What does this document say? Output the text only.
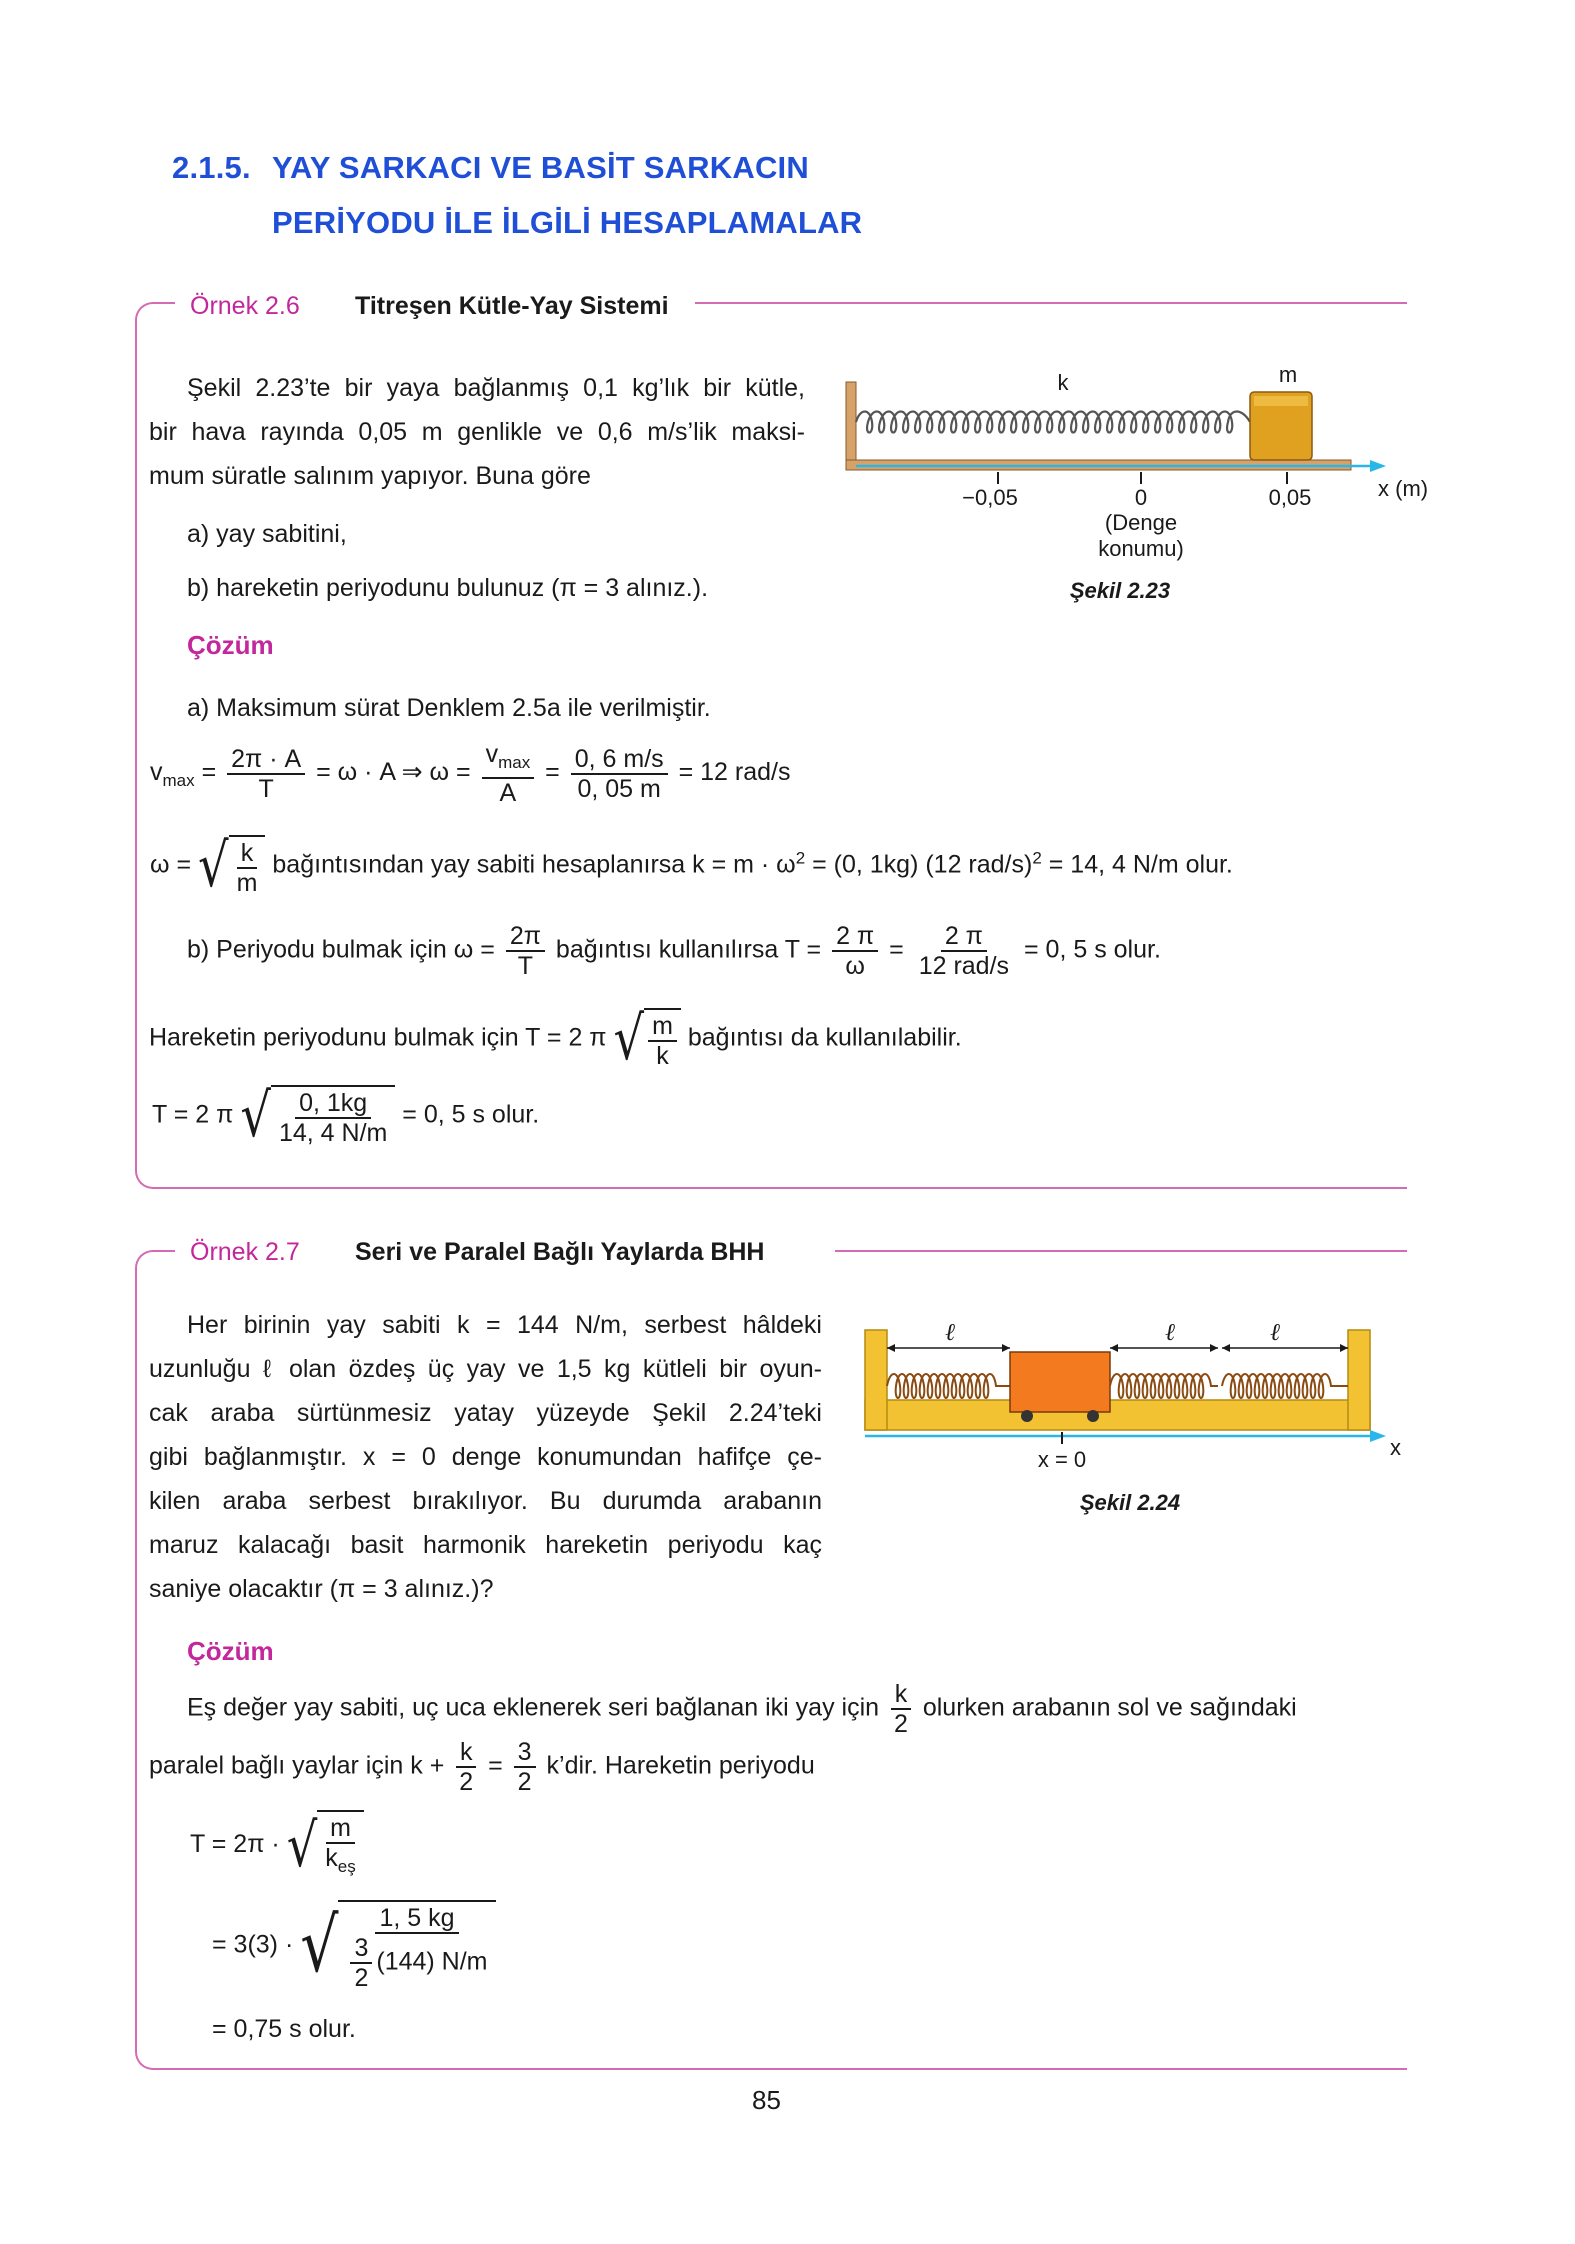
2.1.5. YAY SARKACI VE BASİT SARKACIN
PERİYODU İLE İLGİLİ HESAPLAMALAR
Örnek 2.6 Titreşen Kütle-Yay Sistemi
Şekil 2.23’te bir yaya bağlanmış 0,1 kg’lık bir kütle,
bir hava rayında 0,05 m genlikle ve 0,6 m/s’lik maksi-
mum süratle salınım yapıyor. Buna göre
a) yay sabitini,
b) hareketin periyodunu bulunuz (π = 3 alınız.).
Çözüm
a) Maksimum sürat Denklem 2.5a ile verilmiştir.
$v_{max} = \frac{2\pi \cdot A}{T} = \omega \cdot A$ ⇒ $\omega = \frac{v_{max}}{A} = \frac{0, 6 m/s}{0, 05 m} = 12$ rad/s
ω = √ $\frac{k}{m}$ bağıntısından yay sabiti hesaplanırsa $k = m \cdot \omega^2 = (0$, 1kg) (12 rad/s)$^2$ = 14, 4 N/m olur.
b) Periyodu bulmak için $\omega = \frac{2\pi}{T}$ bağıntısı kullanılırsa $T = \frac{2 \pi}{\omega} = \frac{2 \pi}{\text{12 rad/s}} = 0$, 5 s olur.
Hareketin periyodunu bulmak için T = 2 π √ $\frac{m}{k}$ bağıntısı da kullanılabilir.
T = 2 π √ $\frac{0, 1kg}{14, 4 N/m} = 0$, 5 s olur.
k	m
−0,05	0	0,05	x (m)
(Denge
konumu)
Şekil 2.23
Örnek 2.7 Seri ve Paralel Bağlı Yaylarda BHH
Her birinin yay sabiti k = 144 N/m, serbest hâldeki
uzunluğu ℓ olan özdeş üç yay ve 1,5 kg kütleli bir oyun-
cak araba sürtünmesiz yatay yüzeyde Şekil 2.24’teki
gibi bağlanmıştır. x = 0 denge konumundan hafifçe çe-
kilen araba serbest bırakılıyor. Bu durumda arabanın
maruz kalacağı basit harmonik hareketin periyodu kaç
saniye olacaktır (π = 3 alınız.)?
Çözüm
Eş değer yay sabiti, uç uca eklenerek seri bağlanan iki yay için $\frac{k}{2}$ olurken arabanın sol ve sağındaki
paralel bağlı yaylar için $k + \frac{k}{2} = \frac{3}{2}$ k’dir. Hareketin periyodu
T = 2π · √ $\frac{m}{k_{eş}}$
= 3(3) · √ $\frac{1, 5 kg}{\frac{3}{2} (144) N/m}$
= 0,75 s olur.
ℓ	ℓ	ℓ
x
x = 0
Şekil 2.24
85
